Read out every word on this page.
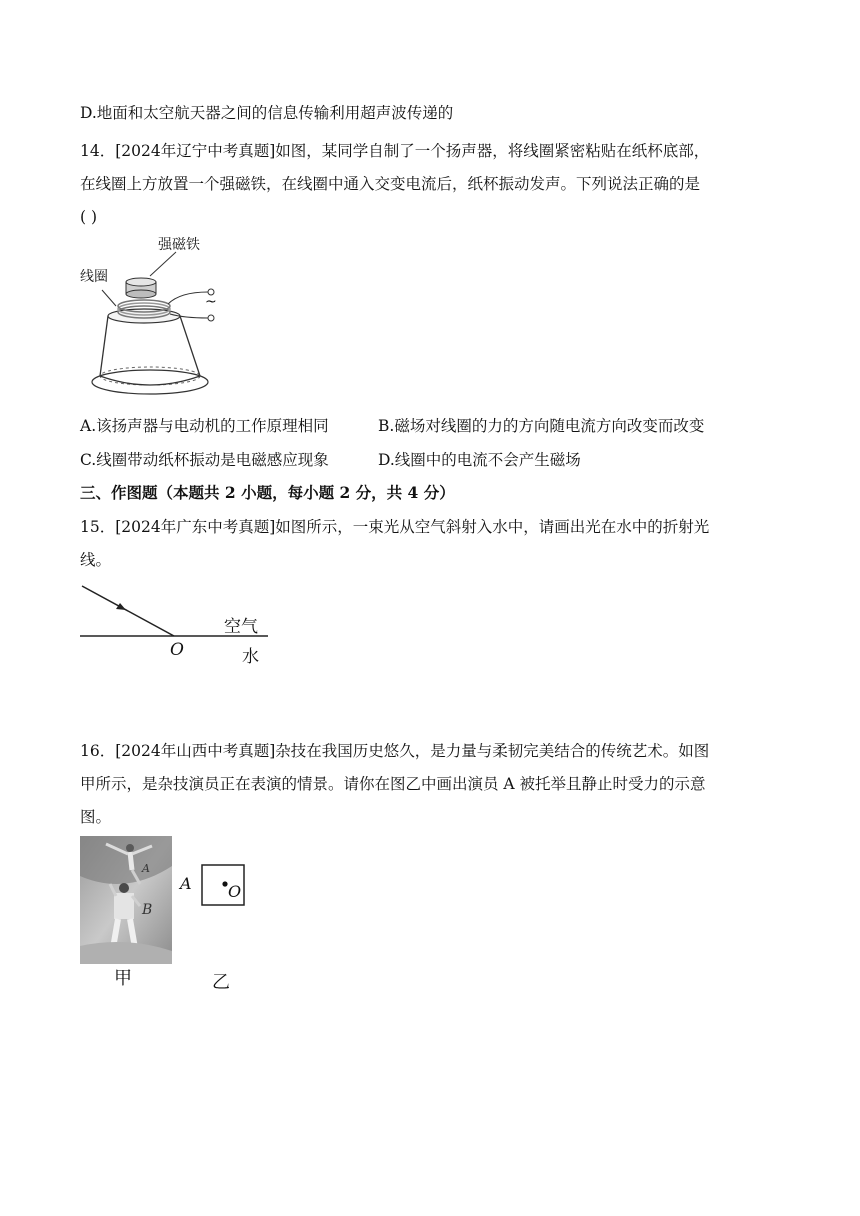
D.地面和太空航天器之间的信息传输利用超声波传递的
14．[2024年辽宁中考真题]如图，某同学自制了一个扬声器，将线圈紧密粘贴在纸杯底部，
在线圈上方放置一个强磁铁，在线圈中通入交变电流后，纸杯振动发声。下列说法正确的是
( )
强磁铁
线圈
~
A.该扬声器与电动机的工作原理相同	B.磁场对线圈的力的方向随电流方向改变而改变
C.线圈带动纸杯振动是电磁感应现象	D.线圈中的电流不会产生磁场
三、作图题（本题共 2 小题，每小题 2 分，共 4 分）
15．[2024年广东中考真题]如图所示，一束光从空气斜射入水中，请画出光在水中的折射光
线。
空气
水
O
16．[2024年山西中考真题]杂技在我国历史悠久，是力量与柔韧完美结合的传统艺术。如图
甲所示，是杂技演员正在表演的情景。请你在图乙中画出演员 A 被托举且静止时受力的示意
图。
A
B
甲
A O
乙
